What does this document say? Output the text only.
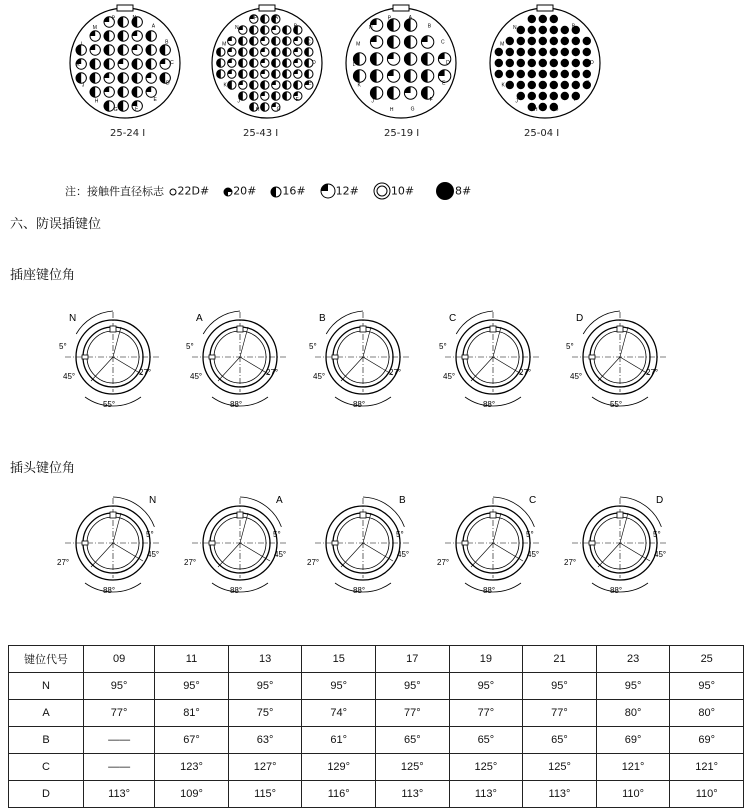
N
A
B
C
D
E
F
G
H
J
K
L
M
P	A
B
C
D
E
F
G
H
J
K
L
M
N
P	A
B
C
D
E
F
G
H
J
K
L
M
N
P	A
B
C
D
E
F
G
H
J
K
L
M
N
P
25-24 I	25-43 I	25-19 I	25-04 I
注：接触件直径标志 22D# 20# 16#	12#	10#	8#
六、防误插键位
插座键位角
插头键位角
N
55°
5°
45°	27°
A
88°
5°
45°	27°
B
88°
5°
45°	27°
C
88°
5°
45°	27°
D
55°
5°
45°	27°
N
88°
5°
45°
27°
A
88°
5°
45°
27°
B
88°
5°
45°
27°
C
88°
5°
45°
27°
D
88°
5°
45°
27°
键位代号	09	11	13	15	17	19	21	23	25
N	95°	95°	95°	95°	95°	95°	95°	95°	95°
A	77°	81°	75°	74°	77°	77°	77°	80°	80°
B	——	67°	63°	61°	65°	65°	65°	69°	69°
C	——	123°	127°	129°	125°	125°	125°	121°	121°
D	113°	109°	115°	116°	113°	113°	113°	110°	110°
